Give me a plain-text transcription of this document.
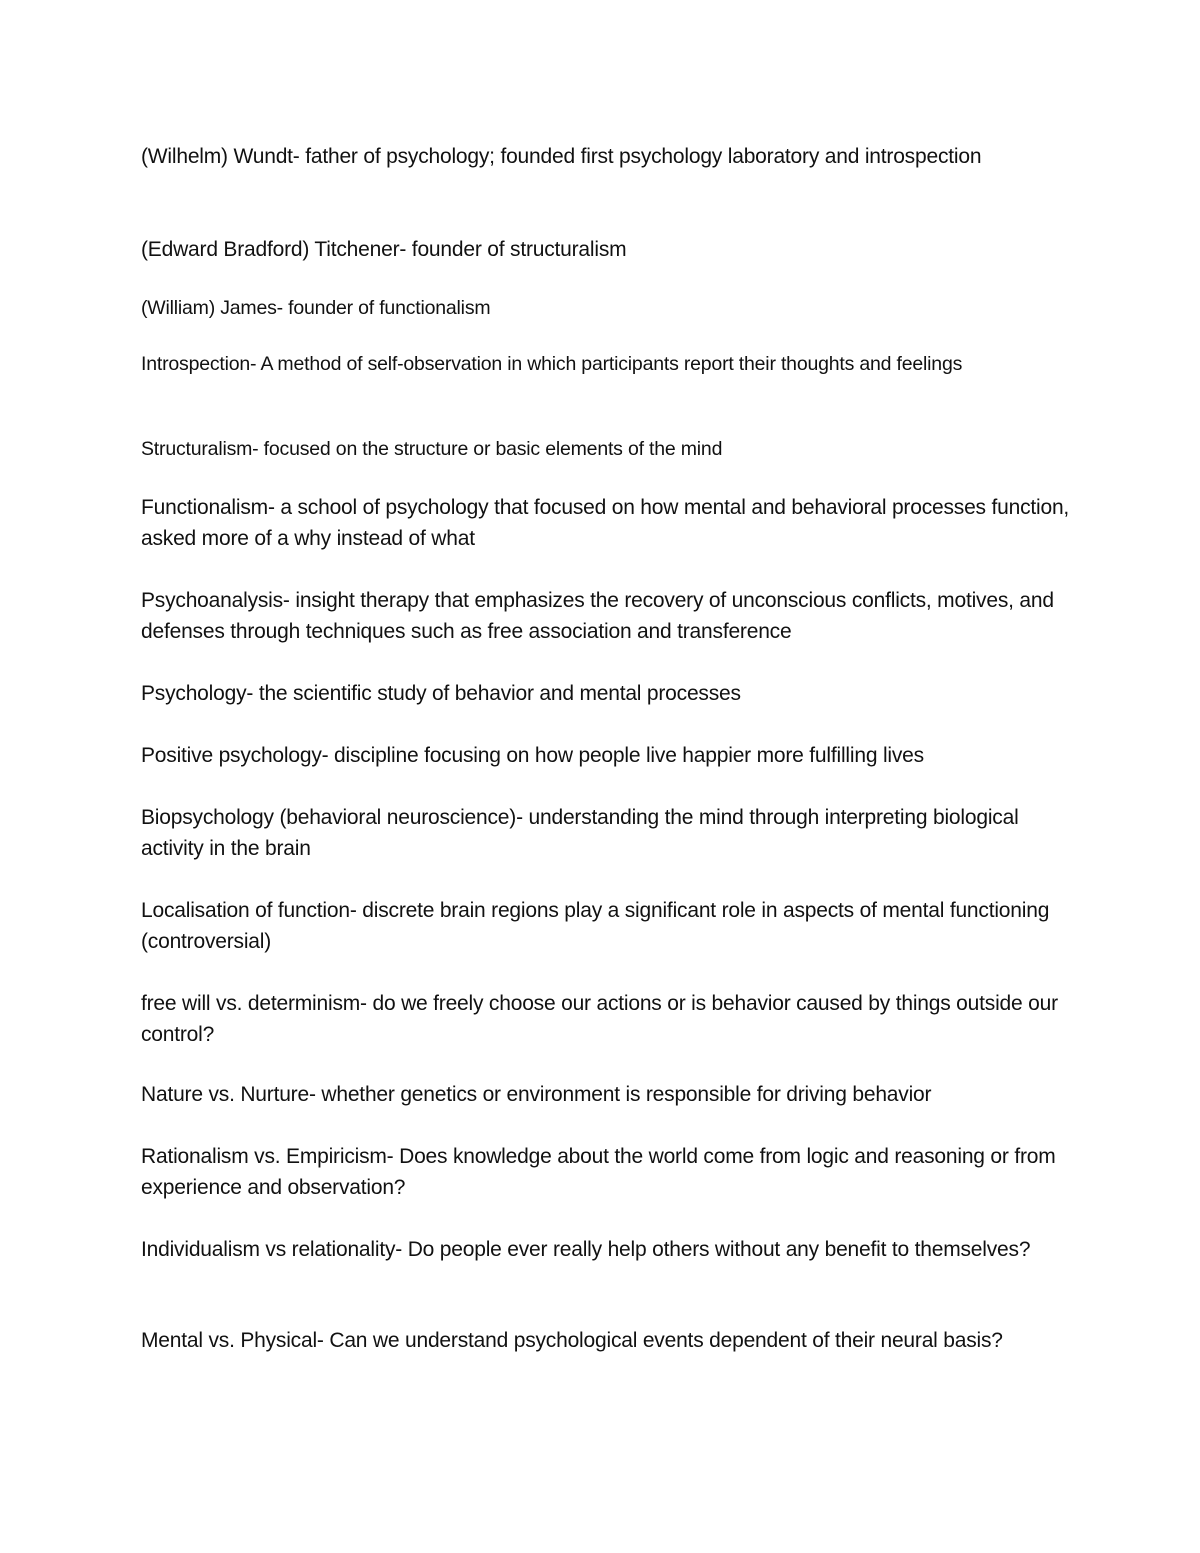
(Wilhelm) Wundt- father of psychology; founded first psychology laboratory and introspection

(Edward Bradford) Titchener- founder of structuralism

(William) James- founder of functionalism

Introspection- A method of self-observation in which participants report their thoughts and feelings

Structuralism- focused on the structure or basic elements of the mind

Functionalism- a school of psychology that focused on how mental and behavioral processes function, asked more of a why instead of what

Psychoanalysis- insight therapy that emphasizes the recovery of unconscious conflicts, motives, and defenses through techniques such as free association and transference

Psychology- the scientific study of behavior and mental processes

Positive psychology- discipline focusing on how people live happier more fulfilling lives

Biopsychology (behavioral neuroscience)- understanding the mind through interpreting biological activity in the brain

Localisation of function- discrete brain regions play a significant role in aspects of mental functioning (controversial)

free will vs. determinism- do we freely choose our actions or is behavior caused by things outside our control?

Nature vs. Nurture- whether genetics or environment is responsible for driving behavior

Rationalism vs. Empiricism- Does knowledge about the world come from logic and reasoning or from experience and observation?

Individualism vs relationality- Do people ever really help others without any benefit to themselves?

Mental vs. Physical- Can we understand psychological events dependent of their neural basis?
